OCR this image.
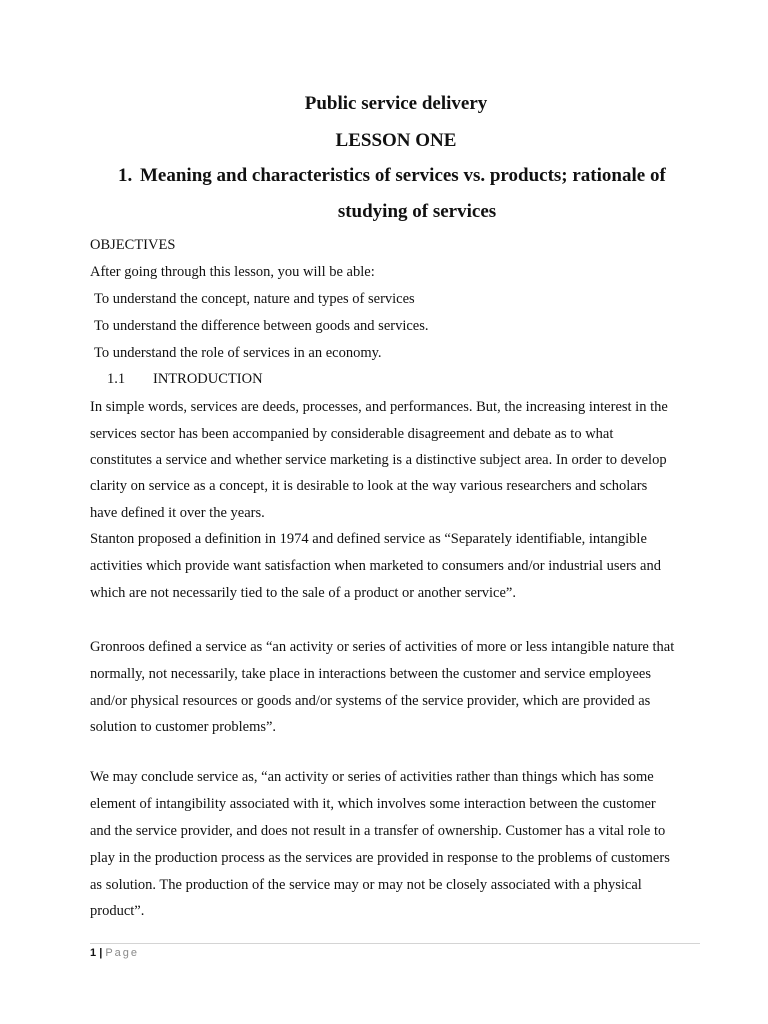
Public service delivery
LESSON ONE
1. Meaning and characteristics of services vs. products; rationale of
studying of services
OBJECTIVES
After going through this lesson, you will be able:
To understand the concept, nature and types of services
To understand the difference between goods and services.
To understand the role of services in an economy.
1.1 INTRODUCTION
In simple words, services are deeds, processes, and performances. But, the increasing interest in the
services sector has been accompanied by considerable disagreement and debate as to what
constitutes a service and whether service marketing is a distinctive subject area. In order to develop
clarity on service as a concept, it is desirable to look at the way various researchers and scholars
have defined it over the years.
Stanton proposed a definition in 1974 and defined service as “Separately identifiable, intangible
activities which provide want satisfaction when marketed to consumers and/or industrial users and
which are not necessarily tied to the sale of a product or another service”.
Gronroos defined a service as “an activity or series of activities of more or less intangible nature that
normally, not necessarily, take place in interactions between the customer and service employees
and/or physical resources or goods and/or systems of the service provider, which are provided as
solution to customer problems”.
We may conclude service as, “an activity or series of activities rather than things which has some
element of intangibility associated with it, which involves some interaction between the customer
and the service provider, and does not result in a transfer of ownership. Customer has a vital role to
play in the production process as the services are provided in response to the problems of customers
as solution. The production of the service may or may not be closely associated with a physical
product”.
1 | Page
